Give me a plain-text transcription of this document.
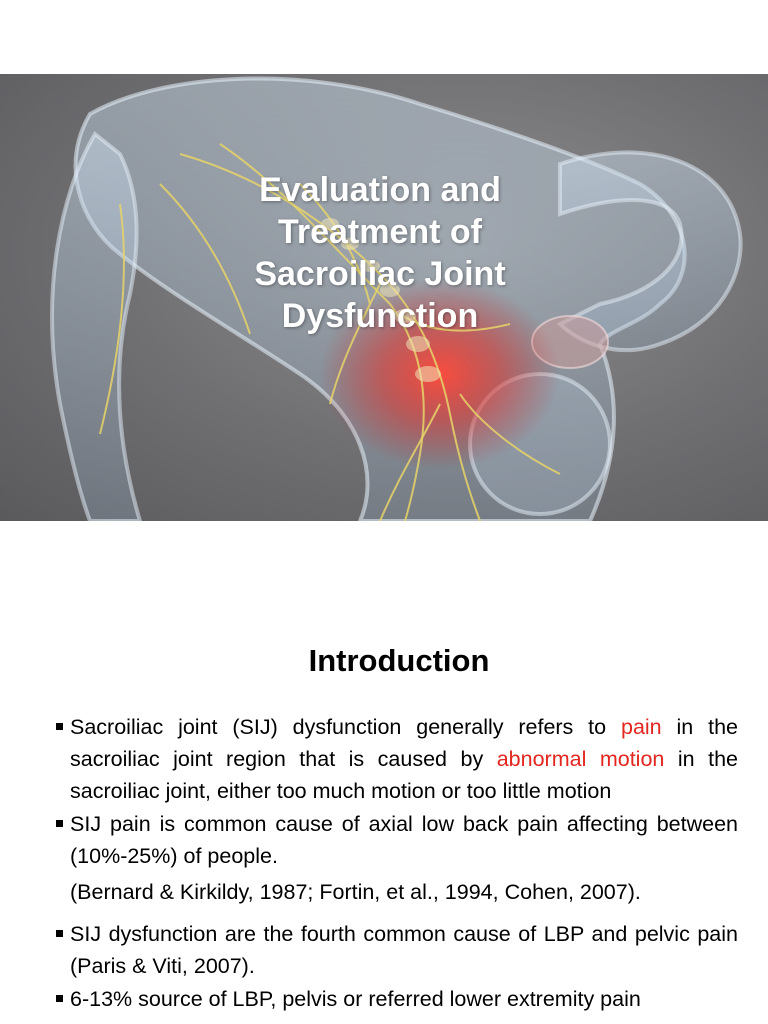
Evaluation and
Treatment of
Sacroiliac Joint
Dysfunction
Introduction
Sacroiliac joint (SIJ) dysfunction generally refers to pain in the sacroiliac joint region that is caused by abnormal motion in the sacroiliac joint, either too much motion or too little motion
SIJ pain is common cause of axial low back pain affecting between (10%-25%) of people.
(Bernard & Kirkildy, 1987; Fortin, et al., 1994, Cohen, 2007).
SIJ dysfunction are the fourth common cause of LBP and pelvic pain (Paris & Viti, 2007).
6-13% source of LBP, pelvis or referred lower extremity pain
